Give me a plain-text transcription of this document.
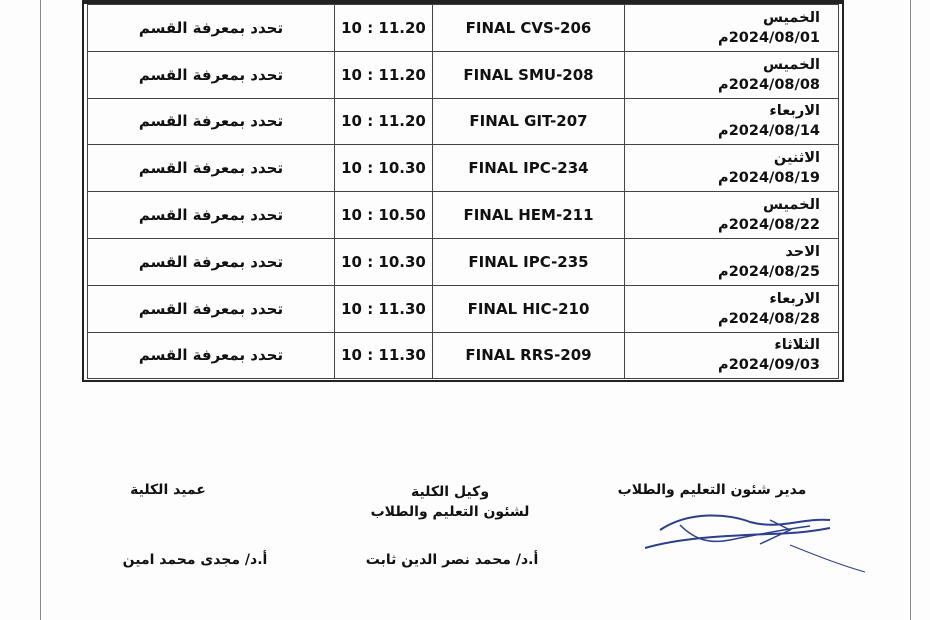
تحدد بمعرفة القسم	10 : 11.20	FINAL CVS-206	الخميس
2024/08/01م

تحدد بمعرفة القسم	10 : 11.20	FINAL SMU-208	الخميس
2024/08/08م

تحدد بمعرفة القسم	10 : 11.20	FINAL GIT-207	الاربعاء
2024/08/14م

تحدد بمعرفة القسم	10 : 10.30	FINAL IPC-234	الاثنين
2024/08/19م

تحدد بمعرفة القسم	10 : 10.50	FINAL HEM-211	الخميس
2024/08/22م

تحدد بمعرفة القسم	10 : 10.30	FINAL IPC-235	الاحد
2024/08/25م

تحدد بمعرفة القسم	10 : 11.30	FINAL HIC-210	الاربعاء
2024/08/28م

تحدد بمعرفة القسم	10 : 11.30	FINAL RRS-209	الثلاثاء
2024/09/03م
عميد الكلية	وكيل الكلية
لشئون التعليم والطلاب
مدير شئون التعليم والطلاب
أ.د/ مجدى محمد امين	أ.د/ محمد نصر الدين ثابت
